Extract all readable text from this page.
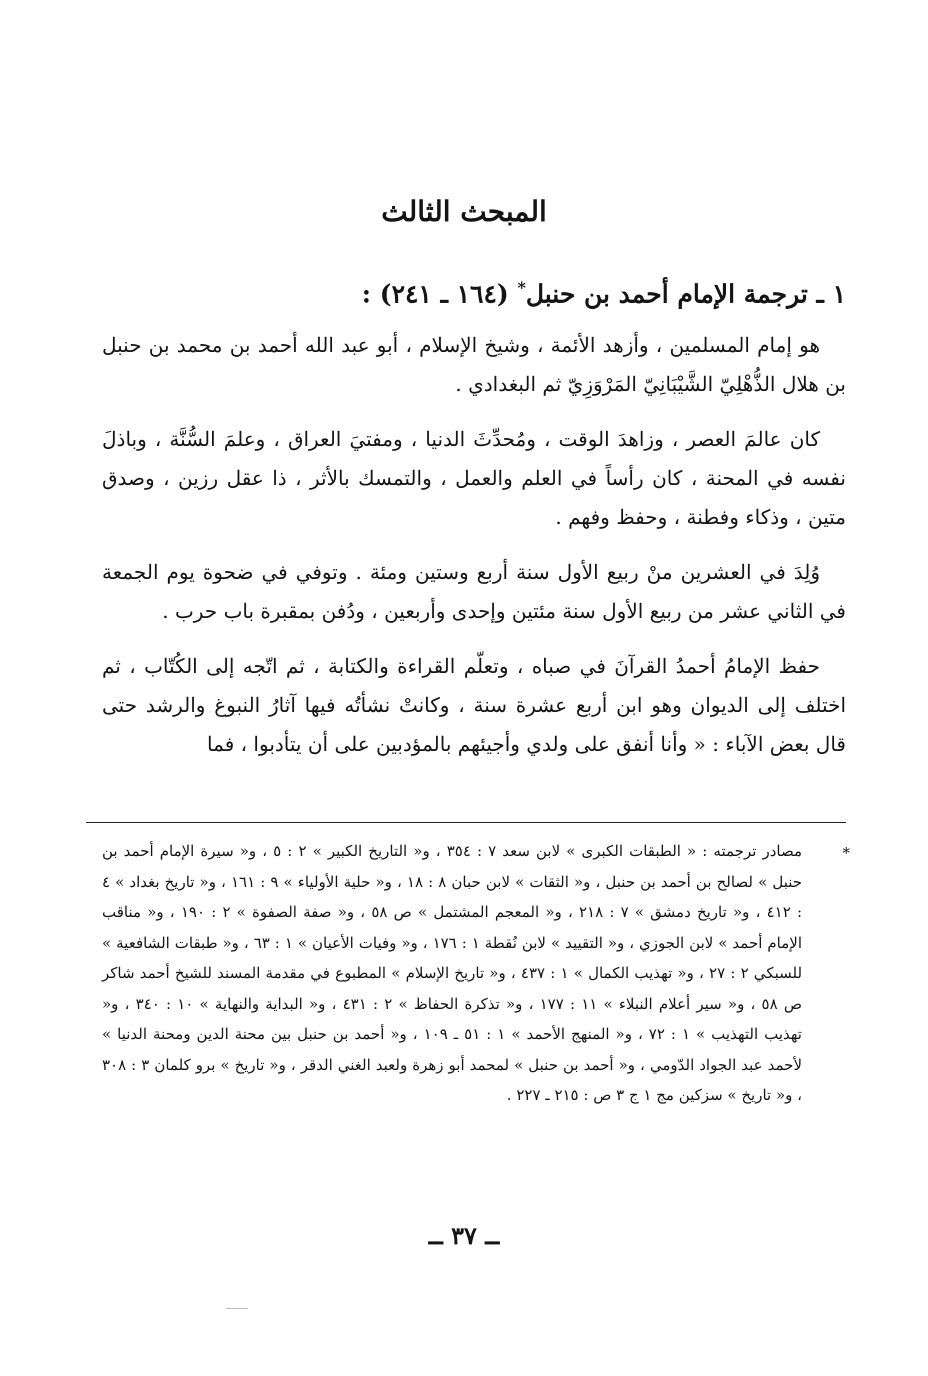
المبحث الثالث
١ ـ ترجمة الإمام أحمد بن حنبل* (١٦٤ ـ ٢٤١) :

هو إمام المسلمين ، وأزهد الأئمة ، وشيخ الإسلام ، أبو عبد الله أحمد بن محمد بن حنبل بن هلال الذُّهْلِيّ الشَّيْبَانِيّ المَرْوَزِيّ ثم البغدادي .

كان عالمَ العصر ، وزاهدَ الوقت ، ومُحدِّثَ الدنيا ، ومفتيَ العراق ، وعلمَ السُّنَّة ، وباذلَ نفسه في المحنة ، كان رأساً في العلم والعمل ، والتمسك بالأثر ، ذا عقل رزين ، وصدق متين ، وذكاء وفطنة ، وحفظ وفهم .

وُلِدَ في العشرين منْ ربيع الأول سنة أربع وستين ومئة . وتوفي في ضحوة يوم الجمعة في الثاني عشر من ربيع الأول سنة مئتين وإحدى وأربعين ، ودُفن بمقبرة باب حرب .

حفظ الإمامُ أحمدُ القرآنَ في صباه ، وتعلّم القراءة والكتابة ، ثم اتّجه إلى الكُتّاب ، ثم اختلف إلى الديوان وهو ابن أربع عشرة سنة ، وكانتْ نشأتُه فيها آثارُ النبوغ والرشد حتى قال بعض الآباء : « وأنا أنفق على ولدي وأجيئهم بالمؤدبين على أن يتأدبوا ، فما

*
مصادر ترجمته : « الطبقات الكبرى » لابن سعد ٧ : ٣٥٤ ، و« التاريخ الكبير » ٢ : ٥ ، و« سيرة الإمام أحمد بن حنبل » لصالح بن أحمد بن حنبل ، و« الثقات » لابن حبان ٨ : ١٨ ، و« حلية الأولياء » ٩ : ١٦١ ، و« تاريخ بغداد » ٤ : ٤١٢ ، و« تاريخ دمشق » ٧ : ٢١٨ ، و« المعجم المشتمل » ص ٥٨ ، و« صفة الصفوة » ٢ : ١٩٠ ، و« مناقب الإمام أحمد » لابن الجوزي ، و« التقييد » لابن نُقطة ١ : ١٧٦ ، و« وفيات الأعيان » ١ : ٦٣ ، و« طبقات الشافعية » للسبكي ٢ : ٢٧ ، و« تهذيب الكمال » ١ : ٤٣٧ ، و« تاريخ الإسلام » المطبوع في مقدمة المسند للشيخ أحمد شاكر ص ٥٨ ، و« سير أعلام النبلاء » ١١ : ١٧٧ ، و« تذكرة الحفاظ » ٢ : ٤٣١ ، و« البداية والنهاية » ١٠ : ٣٤٠ ، و« تهذيب التهذيب » ١ : ٧٢ ، و« المنهج الأحمد » ١ : ٥١ ـ ١٠٩ ، و« أحمد بن حنبل بين محنة الدين ومحنة الدنيا » لأحمد عبد الجواد الدّومي ، و« أحمد بن حنبل » لمحمد أبو زهرة ولعبد الغني الدقر ، و« تاريخ » برو كلمان ٣ : ٣٠٨ ، و« تاريخ » سزكين مج ١ ج ٣ ص : ٢١٥ ـ ٢٢٧ .
ــ ٣٧ ــ
